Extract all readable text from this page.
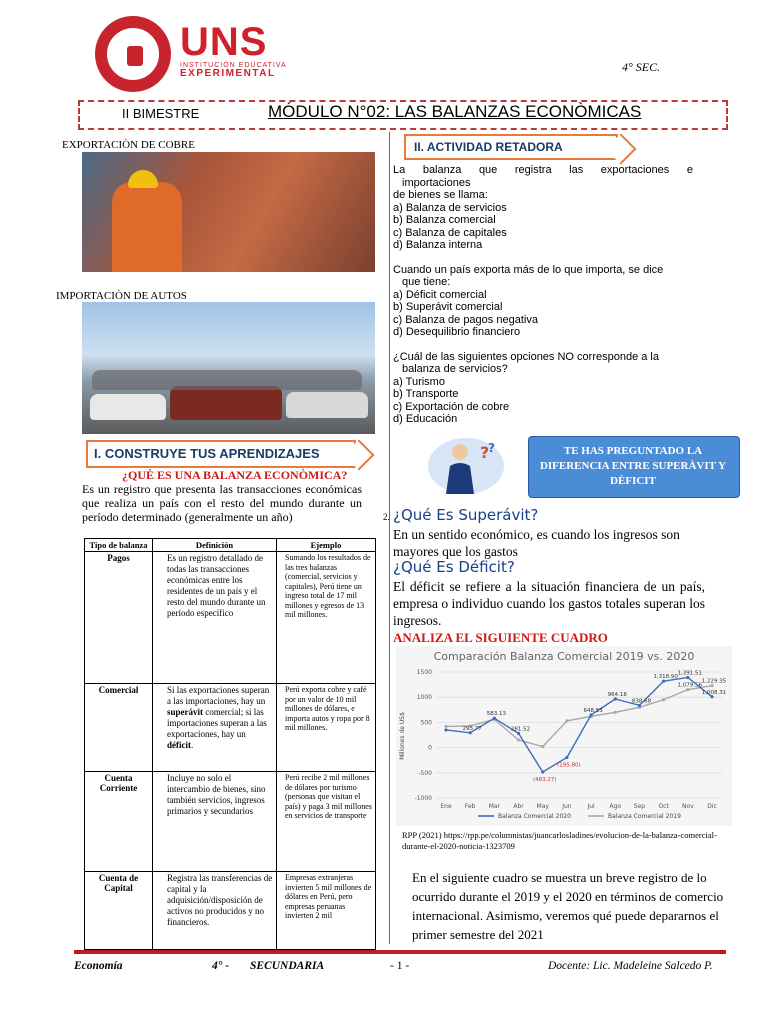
UNS
INSTITUCIÓN EDUCATIVA
EXPERIMENTAL	4° SEC.
II BIMESTRE	MÓDULO N°02: LAS BALANZAS ECONÒMICAS
EXPORTACIÒN DE COBRE
IMPORTACIÒN DE AUTOS
I. CONSTRUYE TUS APRENDIZAJES
¿QUÈ ES UNA BALANZA ECONÒMICA?
Es un registro que presenta las transacciones económicas que realiza un país con el resto del mundo durante un período determinado (generalmente un año)
Tipo de balanza	Definición	Ejemplo
Pagos	Es un registro detallado de todas las transacciones económicas entre los residentes de un país y el resto del mundo durante un período específico	Sumando los resultados de las tres balanzas (comercial, servicios y capitales), Perú tiene un ingreso total de 17 mil millones y egresos de 13 mil millones.
Comercial	Si las exportaciones superan a las importaciones, hay un superávit comercial; si las importaciones superan a las exportaciones, hay un déficit.	Perú exporta cobre y café por un valor de 10 mil millones de dólares, e importa autos y ropa por 8 mil millones.
Cuenta Corriente	Incluye no solo el intercambio de bienes, sino también servicios, ingresos primarios y secundarios	Perú recibe 2 mil millones de dólares por turismo (personas que visitan el país) y paga 3 mil millones en servicios de transporte
Cuenta de Capital	Registra las transferencias de capital y la adquisición/disposición de activos no producidos y no financieros.	Empresas extranjeras invierten 5 mil millones de dólares en Perú, pero empresas peruanas invierten 2 mil
II. ACTIVIDAD RETADORA

La balanza que registra las exportaciones e

importaciones

de bienes se llama:

a) Balanza de servicios

b) Balanza comercial

c) Balanza de capitales

d) Balanza interna

Cuando un país exporta más de lo que importa, se dice

que tiene:

a) Déficit comercial

b) Superávit comercial

c) Balanza de pagos negativa

d) Desequilibrio financiero

¿Cuál de las siguientes opciones NO corresponde a la

balanza de servicios?

a) Turismo

b) Transporte

c) Exportación de cobre

d) Educación

?
?	TE HAS PREGUNTADO LA DIFERENCIA ENTRE SUPERÀVIT Y DÈFICIT
2. ¿Qué Es Superávit?
En un sentido económico, es cuando los ingresos son mayores que los gastos
¿Qué Es Déficit?
El déficit se refiere a la situación financiera de un país, empresa o individuo cuando los gastos totales superan los ingresos.
ANALIZA EL SIGUIENTE CUADRO
Comparación Balanza Comercial 2019 vs. 2020
Millones de US$
-1000
-500
0
500
1000
1500
Ene Feb Mar Abr May Jun	Jul Ago Sep Oct Nov Dic
1,079.56
1,229.35
293.77
583.13
281.52
(483.27)
(195.80)
648.53
964.18
838.68
1,318.90
1,391.51
1,008.31
Balanza Comercial 2020	Balanza Comercial 2019
RPP (2021) https://rpp.pe/columnistas/juancarlosladines/evolucion-de-la-balanza-comercial-durante-el-2020-noticia-1323709
En el siguiente cuadro se muestra un breve registro de lo ocurrido durante el 2019 y el 2020 en términos de comercio internacional. Asimismo, veremos qué puede depararnos el primer semestre del 2021
Economía	4° - SECUNDARIA	- 1 -	Docente: Lic. Madeleine Salcedo P.
